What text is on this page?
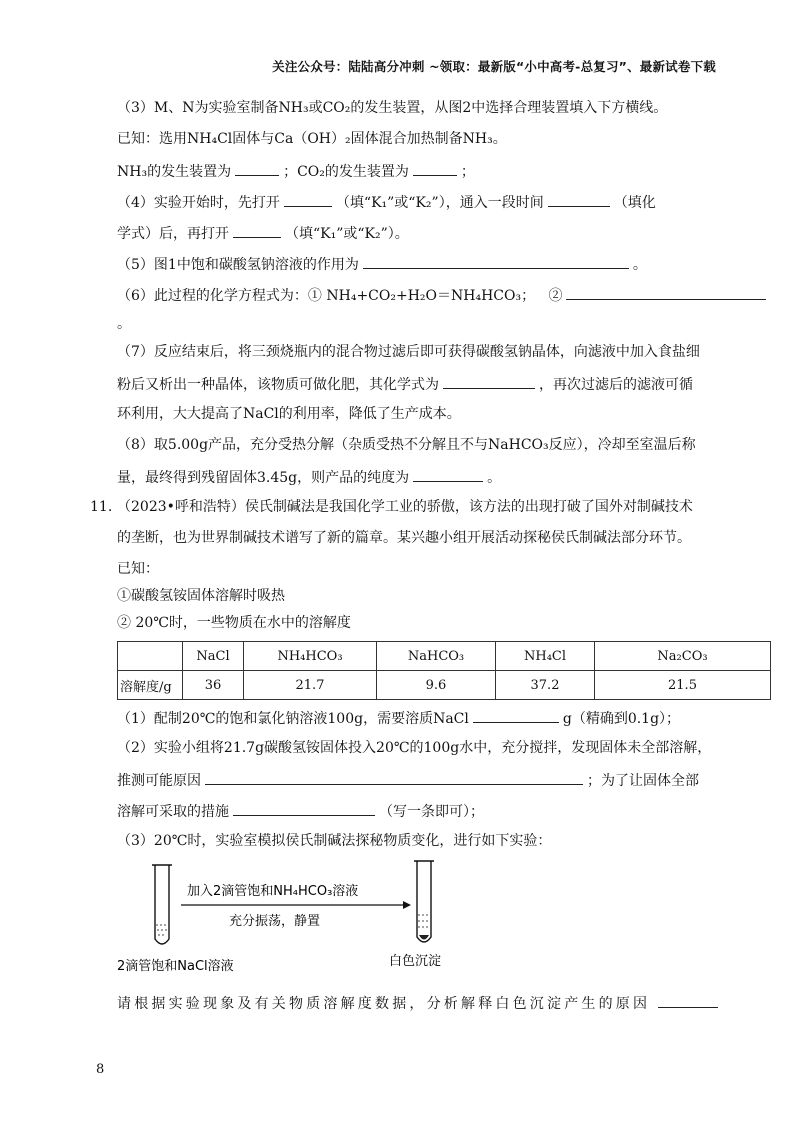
关注公众号：陆陆高分冲刺 ~领取：最新版“小中高考-总复习”、最新试卷下载
（3）M、N为实验室制备NH₃或CO₂的发生装置，从图2中选择合理装置填入下方横线。
已知：选用NH₄Cl固体与Ca（OH）₂固体混合加热制备NH₃。
NH₃的发生装置为	；CO₂的发生装置为	；
（4）实验开始时，先打开	（填“K₁”或“K₂”），通入一段时间	（填化
学式）后，再打开	（填“K₁”或“K₂”）。
（5）图1中饱和碳酸氢钠溶液的作用为	。
（6）此过程的化学方程式为：① NH₄+CO₂+H₂O＝NH₄HCO₃； ②
。
（7）反应结束后，将三颈烧瓶内的混合物过滤后即可获得碳酸氢钠晶体，向滤液中加入食盐细
粉后又析出一种晶体，该物质可做化肥，其化学式为	，再次过滤后的滤液可循
环利用，大大提高了NaCl的利用率，降低了生产成本。
（8）取5.00g产品，充分受热分解（杂质受热不分解且不与NaHCO₃反应），冷却至室温后称
量，最终得到残留固体3.45g，则产品的纯度为	。
11. （2023•呼和浩特）侯氏制碱法是我国化学工业的骄傲，该方法的出现打破了国外对制碱技术
的垄断，也为世界制碱技术谱写了新的篇章。某兴趣小组开展活动探秘侯氏制碱法部分环节。
已知：
①碳酸氢铵固体溶解时吸热
② 20℃时，一些物质在水中的溶解度
	NaCl	NH₄HCO₃	NaHCO₃	NH₄Cl	Na₂CO₃
溶解度/g	36	21.7	9.6	37.2	21.5
（1）配制20℃的饱和氯化钠溶液100g，需要溶质NaCl	g（精确到0.1g）；
（2）实验小组将21.7g碳酸氢铵固体投入20℃的100g水中，充分搅拌，发现固体未全部溶解，
推测可能原因	；为了让固体全部
溶解可采取的措施	（写一条即可）；
（3）20℃时，实验室模拟侯氏制碱法探秘物质变化，进行如下实验：
加入2滴管饱和NH₄HCO₃溶液
充分振荡，静置
2滴管饱和NaCl溶液	白色沉淀
请根据实验现象及有关物质溶解度数据，分析解释白色沉淀产生的原因
8
